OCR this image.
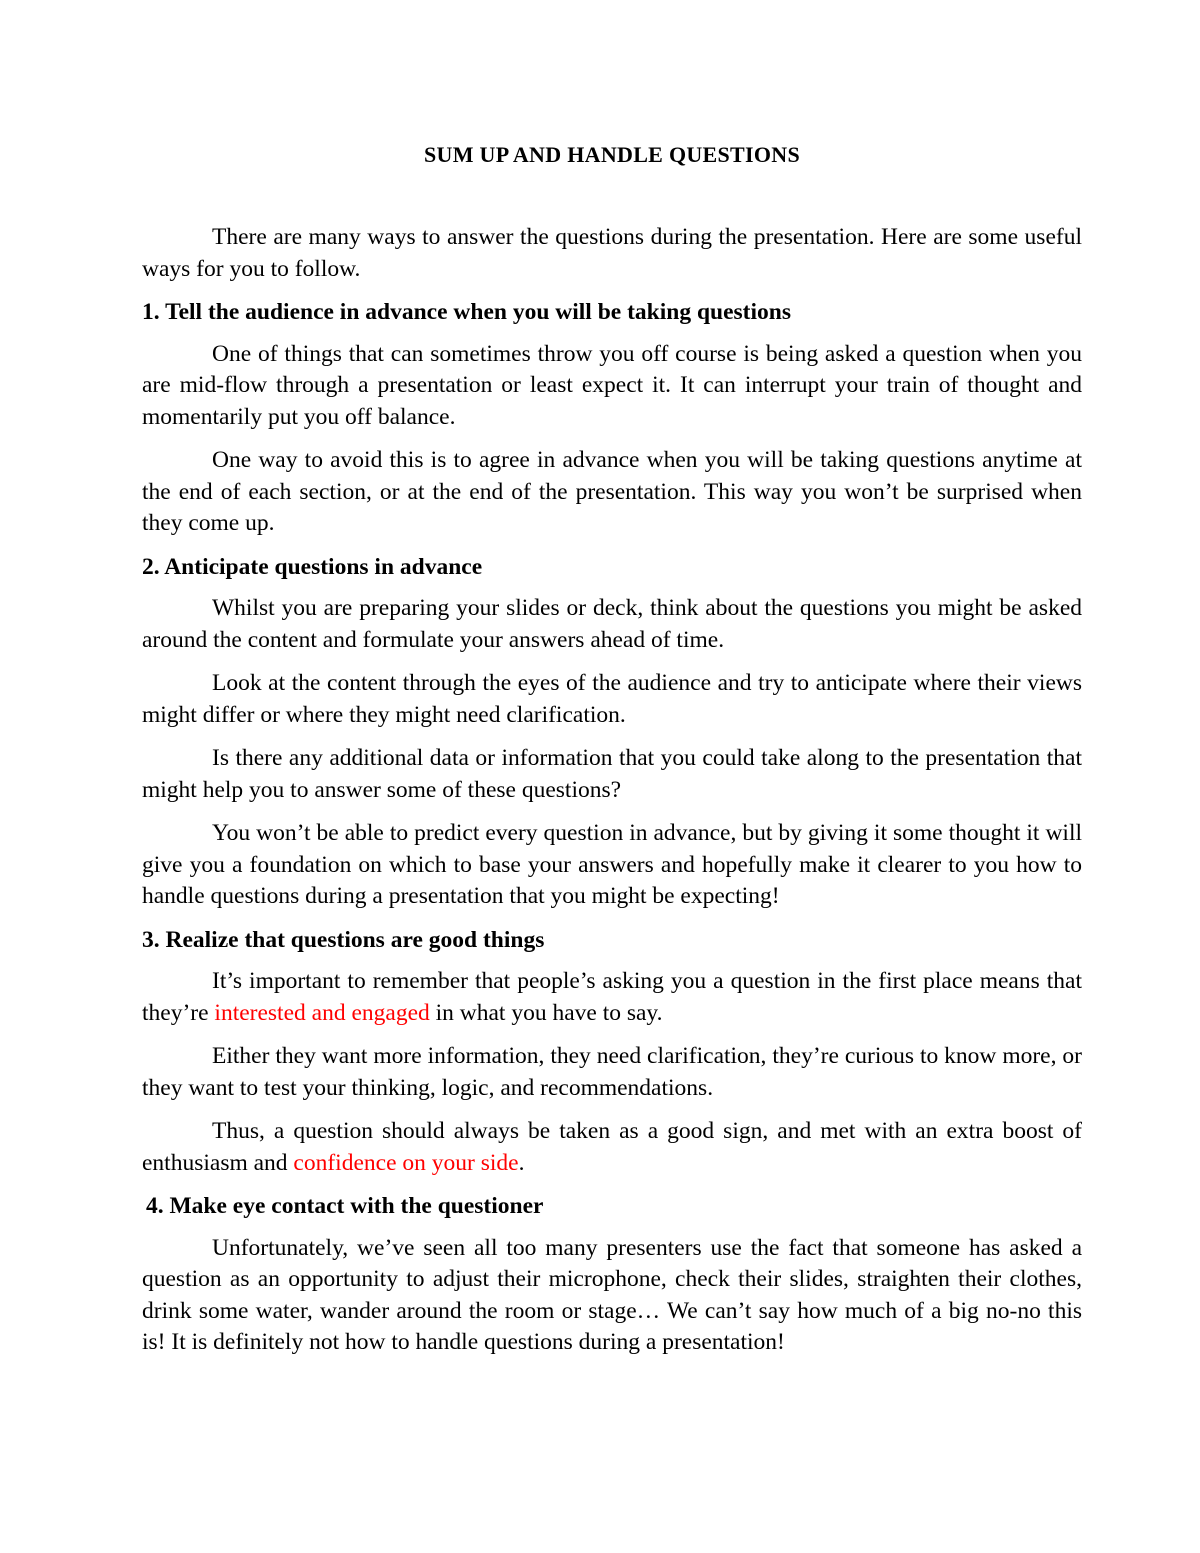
SUM UP AND HANDLE QUESTIONS

There are many ways to answer the questions during the presentation. Here are some useful ways for you to follow.

1. Tell the audience in advance when you will be taking questions

One of things that can sometimes throw you off course is being asked a question when you are mid-flow through a presentation or least expect it. It can interrupt your train of thought and momentarily put you off balance.

One way to avoid this is to agree in advance when you will be taking questions anytime at the end of each section, or at the end of the presentation. This way you won’t be surprised when they come up.

2. Anticipate questions in advance

Whilst you are preparing your slides or deck, think about the questions you might be asked around the content and formulate your answers ahead of time.

Look at the content through the eyes of the audience and try to anticipate where their views might differ or where they might need clarification.

Is there any additional data or information that you could take along to the presentation that might help you to answer some of these questions?

You won’t be able to predict every question in advance, but by giving it some thought it will give you a foundation on which to base your answers and hopefully make it clearer to you how to handle questions during a presentation that you might be expecting!

3. Realize that questions are good things

It’s important to remember that people’s asking you a question in the first place means that they’re interested and engaged in what you have to say.

Either they want more information, they need clarification, they’re curious to know more, or they want to test your thinking, logic, and recommendations.

Thus, a question should always be taken as a good sign, and met with an extra boost of enthusiasm and confidence on your side.

4. Make eye contact with the questioner

Unfortunately, we’ve seen all too many presenters use the fact that someone has asked a question as an opportunity to adjust their microphone, check their slides, straighten their clothes, drink some water, wander around the room or stage… We can’t say how much of a big no-no this is! It is definitely not how to handle questions during a presentation!
